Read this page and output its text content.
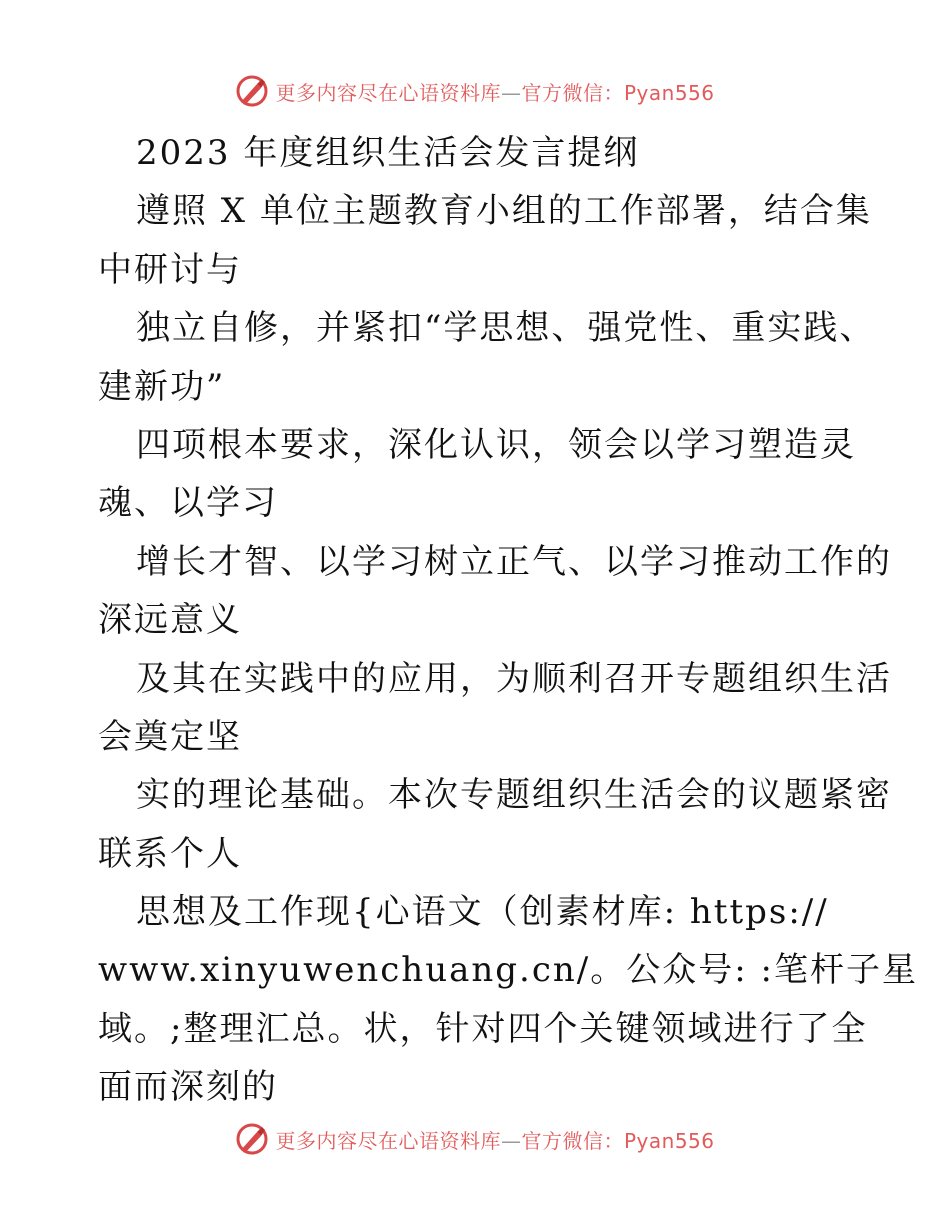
更多内容尽在心语资料库—官方微信：Pyan556
2023 年度组织生活会发言提纲
遵照 X 单位主题教育小组的工作部署，结合集
中研讨与
独立自修，并紧扣“学思想、强党性、重实践、
建新功”
四项根本要求，深化认识，领会以学习塑造灵
魂、以学习
增长才智、以学习树立正气、以学习推动工作的
深远意义
及其在实践中的应用，为顺利召开专题组织生活
会奠定坚
实的理论基础。本次专题组织生活会的议题紧密
联系个人
思想及工作现{心语文（创素材库: https://
www.xinyuwenchuang.cn/。公众号: :笔杆子星
域。;整理汇总。状，针对四个关键领域进行了全
面而深刻的
更多内容尽在心语资料库—官方微信：Pyan556
